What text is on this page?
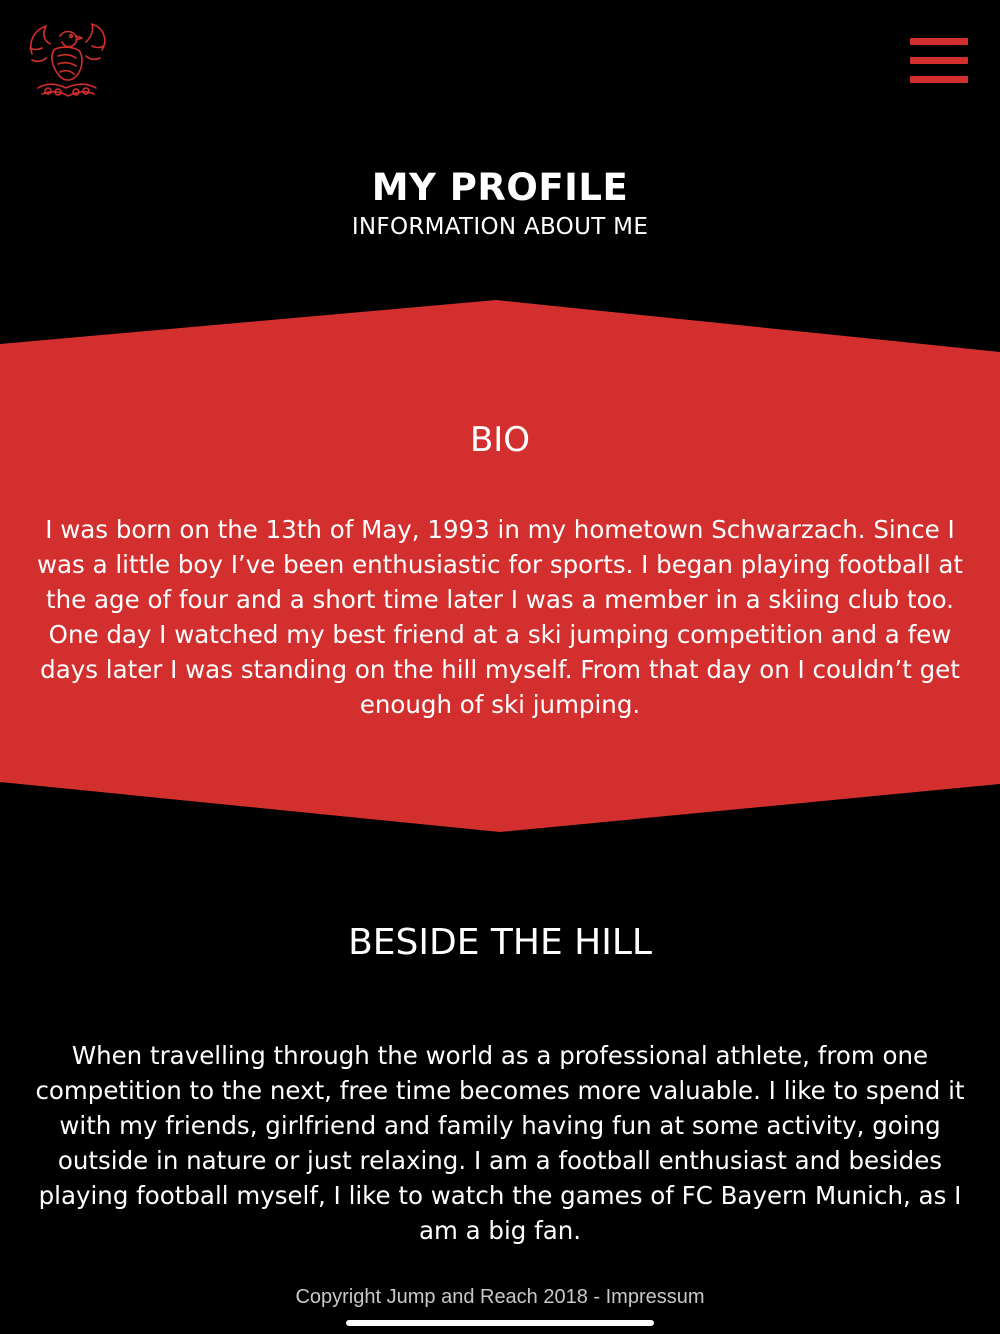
MY PROFILE
INFORMATION ABOUT ME
BIO
I was born on the 13th of May, 1993 in my hometown Schwarzach. Since I was a little boy I’ve been enthusiastic for sports. I began playing football at the age of four and a short time later I was a member in a skiing club too. One day I watched my best friend at a ski jumping competition and a few days later I was standing on the hill myself. From that day on I couldn’t get enough of ski jumping.
BESIDE THE HILL
When travelling through the world as a professional athlete, from one competition to the next, free time becomes more valuable. I like to spend it with my friends, girlfriend and family having fun at some activity, going outside in nature or just relaxing. I am a football enthusiast and besides playing football myself, I like to watch the games of FC Bayern Munich, as I am a big fan.
Copyright Jump and Reach 2018 - Impressum
